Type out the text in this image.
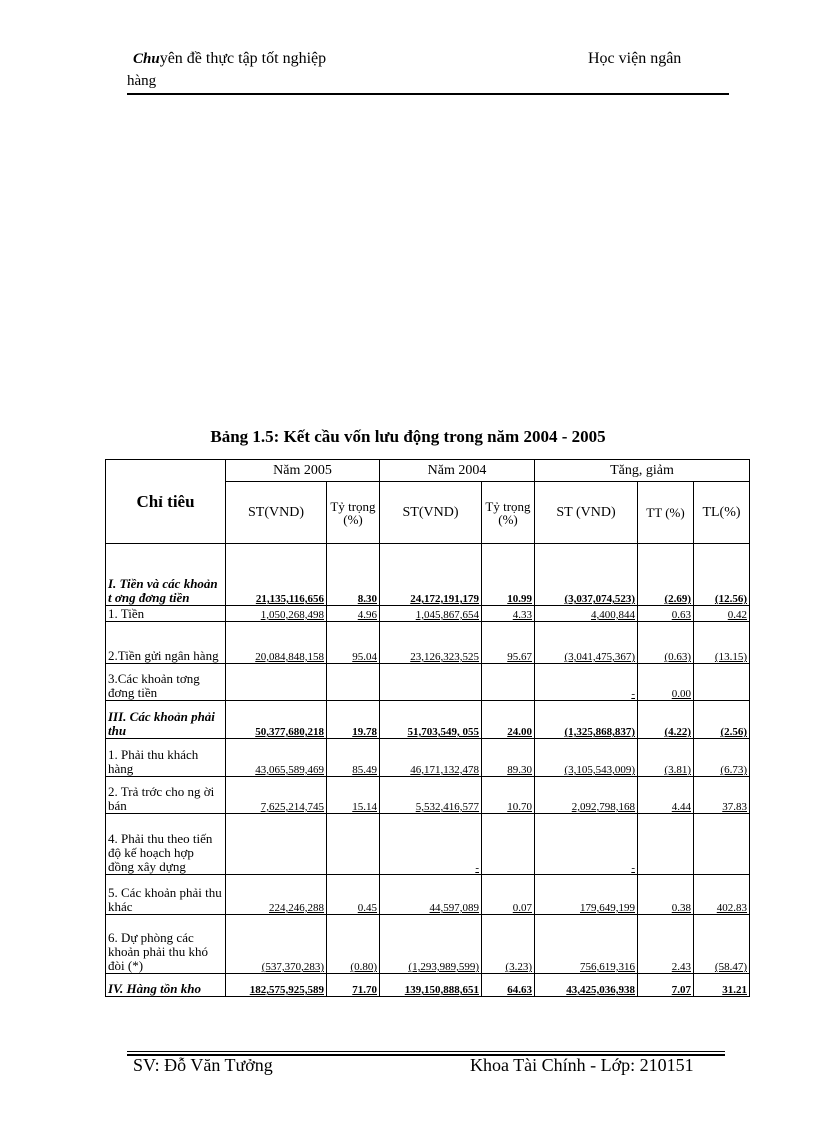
Chuyên đề thực tập tốt nghiệp
hàng
Học viện ngân
Bảng 1.5: Kết cầu vốn lưu động trong năm 2004 - 2005
Chỉ tiêu	Năm 2005		Năm 2004		Tăng, giảm		
	ST(VND)	Tỷ trọng (%)	ST(VND)	Tỷ trọng (%)	ST (VND)	TT (%)	TL(%)
I. Tiền và các khoản t ơng đơng tiền	21,135,116,656	8.30	24,172,191,179	10.99	(3,037,074,523)	(2.69)	(12.56)
1. Tiền	1,050,268,498	4.96	1,045,867,654	4.33	4,400,844	0.63	0.42
2.Tiền gửi ngân hàng	20,084,848,158	95.04	23,126,323,525	95.67	(3,041,475,367)	(0.63)	(13.15)
3.Các khoản tơng đơng tiền					-	0.00	
III. Các khoản phải thu	50,377,680,218	19.78	51,703,549, 055	24.00	(1,325,868,837)	(4.22)	(2.56)
1. Phải thu khách hàng	43,065,589,469	85.49	46,171,132,478	89.30	(3,105,543,009)	(3.81)	(6.73)
2. Trả trớc cho ng ời bán	7,625,214,745	15.14	5,532,416,577	10.70	2,092,798,168	4.44	37.83
4. Phải thu theo tiến độ kế hoạch hợp đồng xây dựng			-		-		
5. Các khoản phải thu khác	224,246,288	0.45	44,597,089	0.07	179,649,199	0.38	402.83
6. Dự phòng các khoản phải thu khó đòi (*)	(537,370,283)	(0.80)	(1,293,989,599)	(3.23)	756,619,316	2.43	(58.47)
IV. Hàng tồn kho	182,575,925,589	71.70	139,150,888,651	64.63	43,425,036,938	7.07	31.21
SV: Đỗ Văn Tưởng	Khoa Tài Chính - Lớp: 210151
